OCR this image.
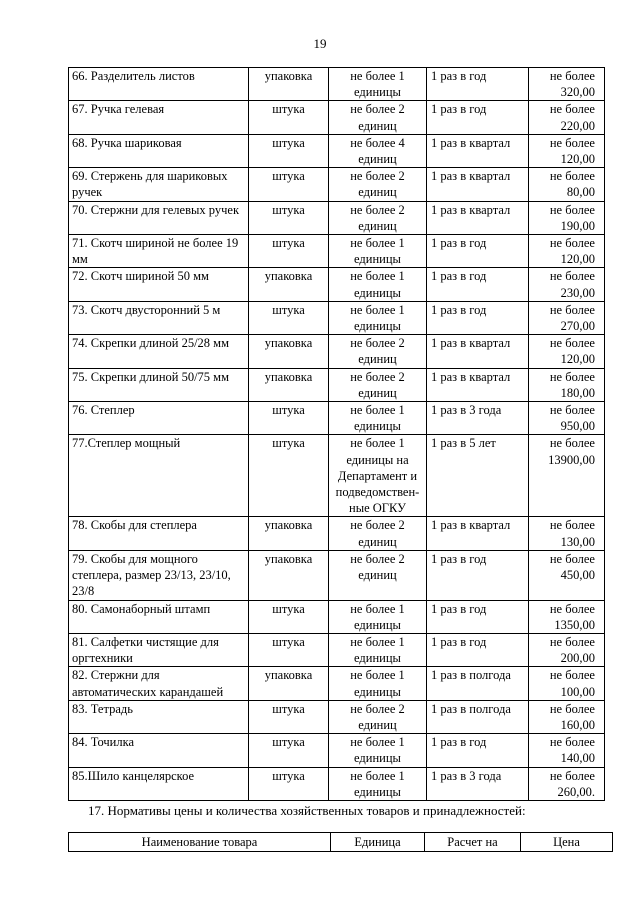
19
66. Разделитель листов	упаковка	не более 1 единицы	1 раз в год	не более 320,00
67. Ручка гелевая	штука	не более 2 единиц	1 раз в год	не более 220,00
68. Ручка шариковая	штука	не более 4 единиц	1 раз в квартал	не более 120,00
69. Стержень для шариковых ручек	штука	не более 2 единиц	1 раз в квартал	не более 80,00
70. Стержни для гелевых ручек	штука	не более 2 единиц	1 раз в квартал	не более 190,00
71. Скотч шириной не более 19 мм	штука	не более 1 единицы	1 раз в год	не более 120,00
72. Скотч шириной 50 мм	упаковка	не более 1 единицы	1 раз в год	не более 230,00
73. Скотч двусторонний 5 м	штука	не более 1 единицы	1 раз в год	не более 270,00
74. Скрепки длиной 25/28 мм	упаковка	не более 2 единиц	1 раз в квартал	не более 120,00
75. Скрепки длиной 50/75 мм	упаковка	не более 2 единиц	1 раз в квартал	не более 180,00
76. Степлер	штука	не более 1 единицы	1 раз в 3 года	не более 950,00
77.Степлер мощный	штука	не более 1 единицы на Департамент и подведомствен- ные ОГКУ	1 раз в 5 лет	не более 13900,00
78. Скобы для степлера	упаковка	не более 2 единиц	1 раз в квартал	не более 130,00
79. Скобы для мощного степлера, размер 23/13, 23/10, 23/8	упаковка	не более 2 единиц	1 раз в год	не более 450,00
80. Самонаборный штамп	штука	не более 1 единицы	1 раз в год	не более 1350,00
81. Салфетки чистящие для оргтехники	штука	не более 1 единицы	1 раз в год	не более 200,00
82. Стержни для автоматических карандашей	упаковка	не более 1 единицы	1 раз в полгода	не более 100,00
83. Тетрадь	штука	не более 2 единиц	1 раз в полгода	не более 160,00
84. Точилка	штука	не более 1 единицы	1 раз в год	не более 140,00
85.Шило канцелярское	штука	не более 1 единицы	1 раз в 3 года	не более 260,00.
17. Нормативы цены и количества хозяйственных товаров и принадлежностей:
Наименование товара	Единица	Расчет на	Цена
